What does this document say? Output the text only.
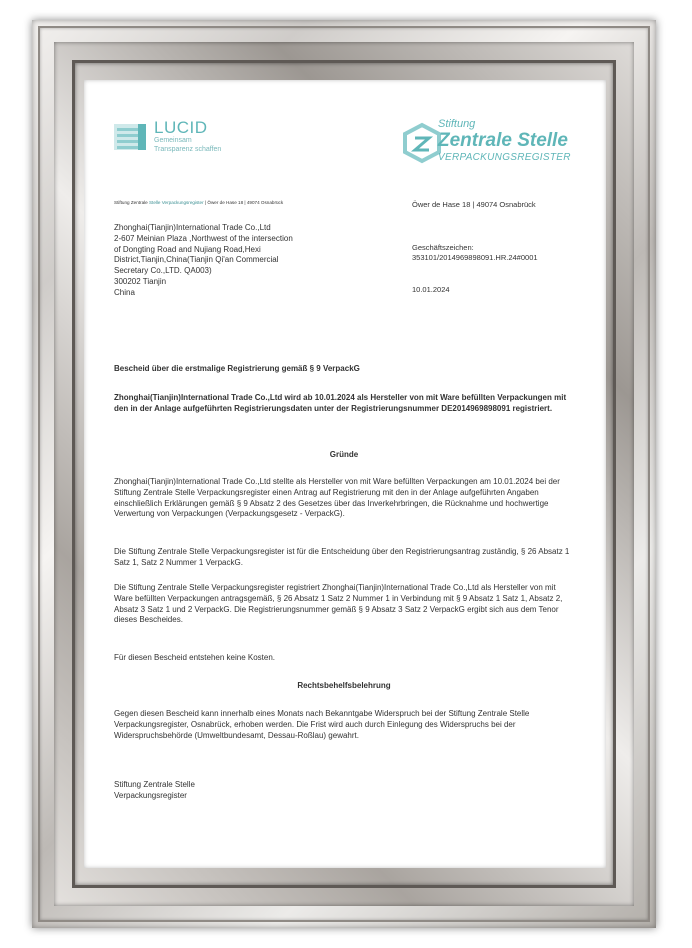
LUCID
Gemeinsam
Transparenz schaffen
Stiftung
Zentrale Stelle
VERPACKUNGSREGISTER
Stiftung Zentrale Stelle Verpackungsregister | Öwer de Hase 18 | 49074 Osnabrück	Öwer de Hase 18 | 49074 Osnabrück
Zhonghai(Tianjin)International Trade Co.,Ltd
2-607 Meinian Plaza ,Northwest of the intersection
of Dongting Road and Nujiang Road,Hexi
District,Tianjin,China(Tianjin Qi'an Commercial
Secretary Co.,LTD. QA003)
300202 Tianjin
China
Geschäftszeichen:
353101/2014969898091.HR.24#0001
10.01.2024
Bescheid über die erstmalige Registrierung gemäß § 9 VerpackG
Zhonghai(Tianjin)International Trade Co.,Ltd wird ab 10.01.2024 als Hersteller von mit Ware befüllten Verpackungen mit den in der Anlage aufgeführten Registrierungsdaten unter der Registrierungsnummer DE2014969898091 registriert.
Gründe
Zhonghai(Tianjin)International Trade Co.,Ltd stellte als Hersteller von mit Ware befüllten Verpackungen am 10.01.2024 bei der Stiftung Zentrale Stelle Verpackungsregister einen Antrag auf Registrierung mit den in der Anlage aufgeführten Angaben einschließlich Erklärungen gemäß § 9 Absatz 2 des Gesetzes über das Inverkehrbringen, die Rücknahme und hochwertige Verwertung von Verpackungen (Verpackungsgesetz - VerpackG).
Die Stiftung Zentrale Stelle Verpackungsregister ist für die Entscheidung über den Registrierungsantrag zuständig, § 26 Absatz 1 Satz 1, Satz 2 Nummer 1 VerpackG.
Die Stiftung Zentrale Stelle Verpackungsregister registriert Zhonghai(Tianjin)International Trade Co.,Ltd als Hersteller von mit Ware befüllten Verpackungen antragsgemäß, § 26 Absatz 1 Satz 2 Nummer 1 in Verbindung mit § 9 Absatz 1 Satz 1, Absatz 2, Absatz 3 Satz 1 und 2 VerpackG. Die Registrierungsnummer gemäß § 9 Absatz 3 Satz 2 VerpackG ergibt sich aus dem Tenor dieses Bescheides.
Für diesen Bescheid entstehen keine Kosten.
Rechtsbehelfsbelehrung
Gegen diesen Bescheid kann innerhalb eines Monats nach Bekanntgabe Widerspruch bei der Stiftung Zentrale Stelle Verpackungsregister, Osnabrück, erhoben werden. Die Frist wird auch durch Einlegung des Widerspruchs bei der Widerspruchsbehörde (Umweltbundesamt, Dessau-Roßlau) gewahrt.
Stiftung Zentrale Stelle
Verpackungsregister
